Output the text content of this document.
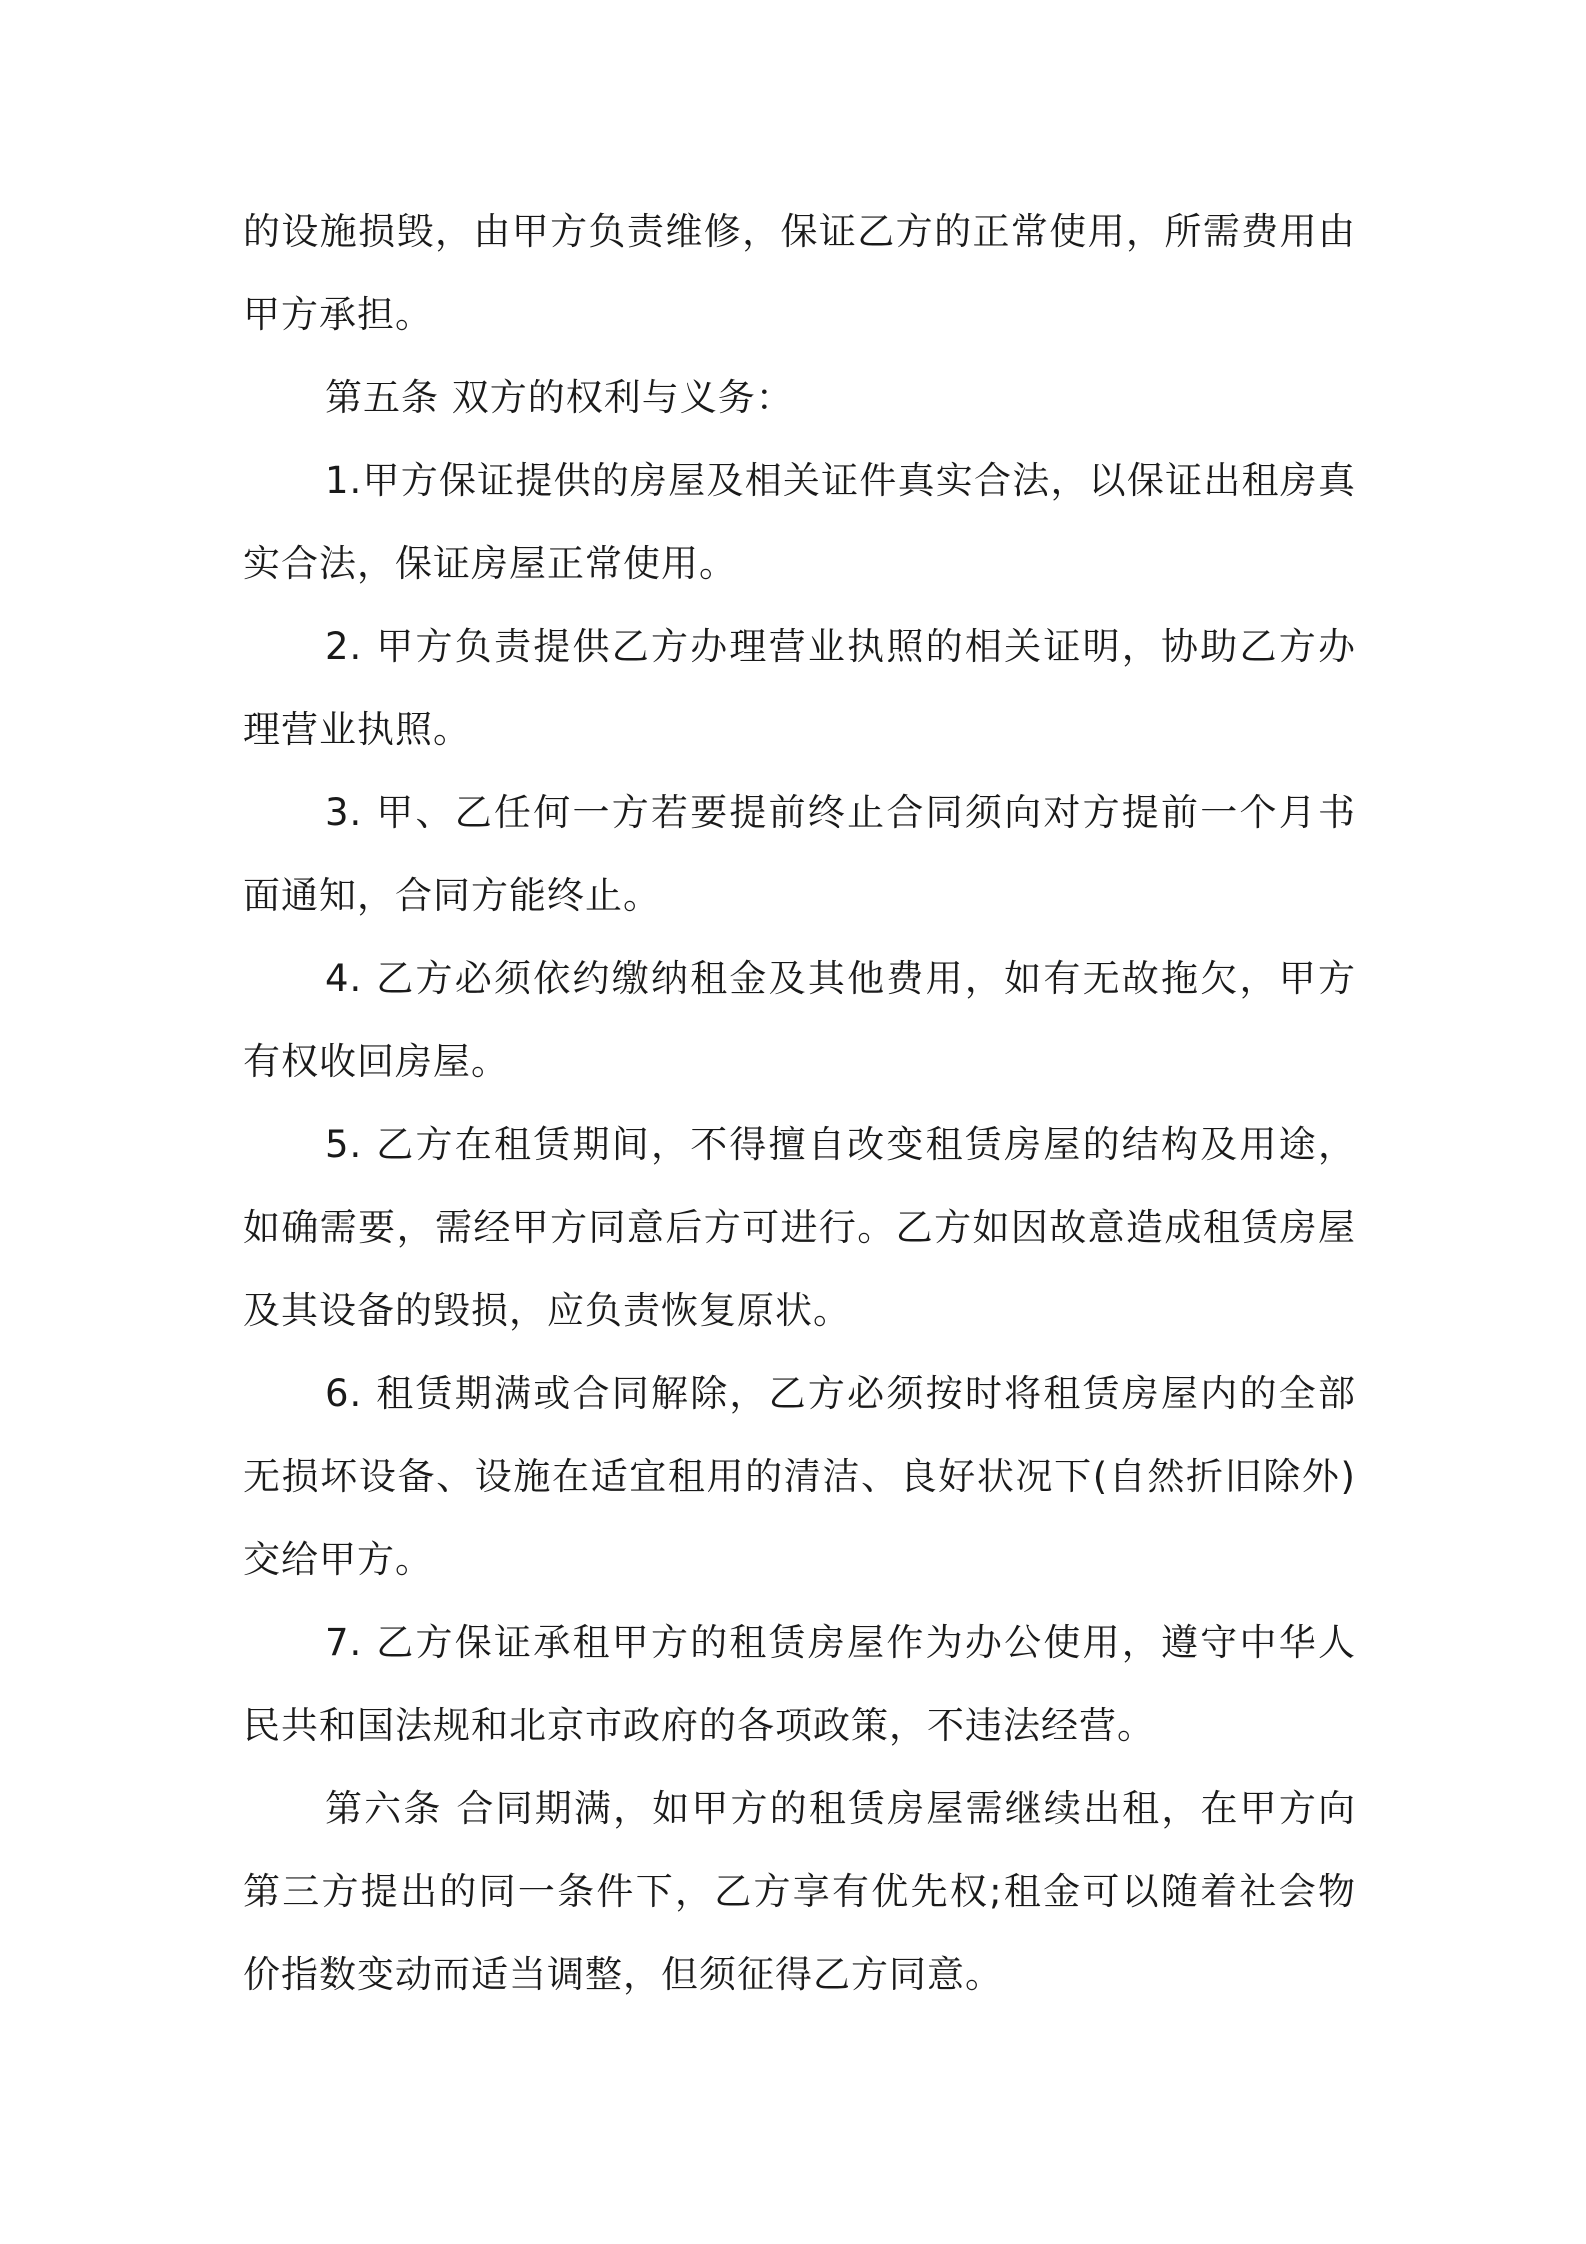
的设施损毁，由甲方负责维修，保证乙方的正常使用，所需费用由甲方承担。

第五条 双方的权利与义务：

1.甲方保证提供的房屋及相关证件真实合法，以保证出租房真实合法，保证房屋正常使用。

2. 甲方负责提供乙方办理营业执照的相关证明，协助乙方办理营业执照。

3. 甲、乙任何一方若要提前终止合同须向对方提前一个月书面通知，合同方能终止。

4. 乙方必须依约缴纳租金及其他费用，如有无故拖欠，甲方有权收回房屋。

5. 乙方在租赁期间，不得擅自改变租赁房屋的结构及用途，如确需要，需经甲方同意后方可进行。乙方如因故意造成租赁房屋及其设备的毁损，应负责恢复原状。

6. 租赁期满或合同解除，乙方必须按时将租赁房屋内的全部无损坏设备、设施在适宜租用的清洁、良好状况下(自然折旧除外)交给甲方。

7. 乙方保证承租甲方的租赁房屋作为办公使用，遵守中华人民共和国法规和北京市政府的各项政策，不违法经营。

第六条 合同期满，如甲方的租赁房屋需继续出租，在甲方向第三方提出的同一条件下，乙方享有优先权;租金可以随着社会物价指数变动而适当调整，但须征得乙方同意。
